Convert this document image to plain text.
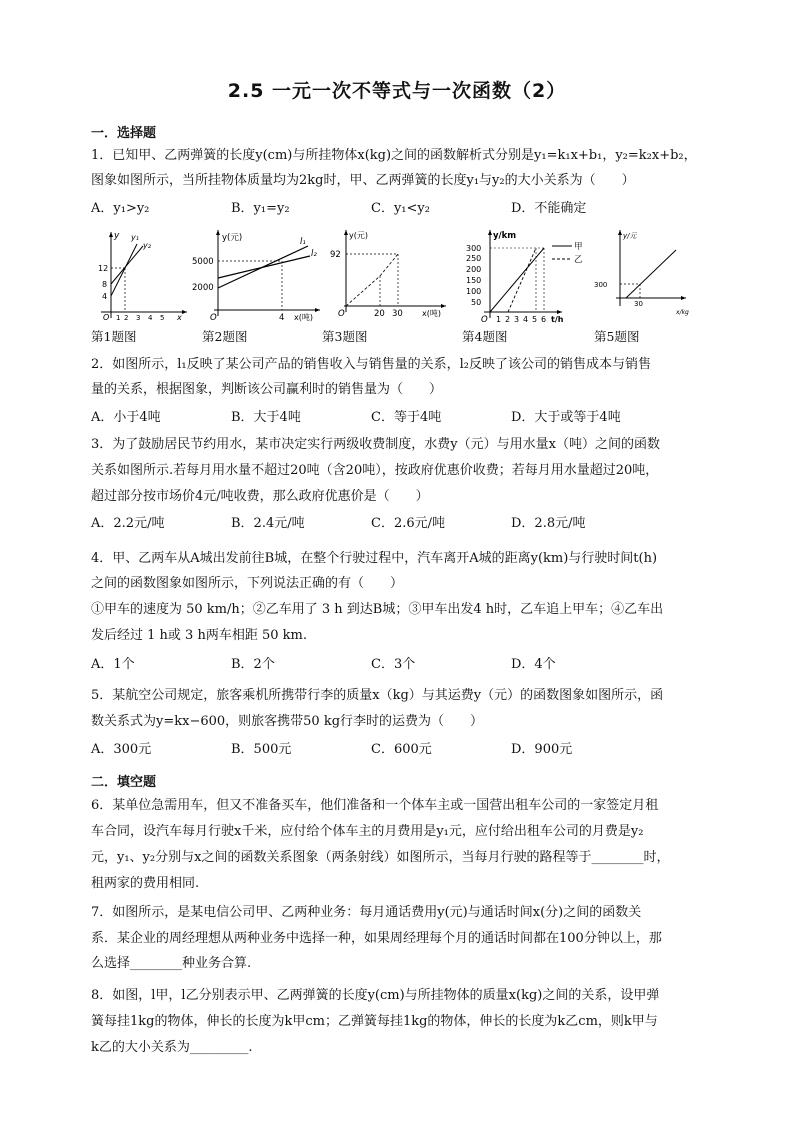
2.5 一元一次不等式与一次函数（2）
一．选择题
1．已知甲、乙两弹簧的长度y(cm)与所挂物体x(kg)之间的函数解析式分别是y₁=k₁x+b₁，y₂=k₂x+b₂，
图象如图所示，当所挂物体质量均为2kg时，甲、乙两弹簧的长度y₁与y₂的大小关系为（　　）
A．y₁>y₂	B．y₁=y₂	C．y₁<y₂	D．不能确定
y y₁
y₂
12
8
4
O 1 2 3 4 5 x
y(元)	l₁
l₂
5000
2000
O	4 x(吨)
y(元)
92
O	20 30 x(吨)
y/km
300
250
200
150
100
50
O 1 2 3 4 5 6 t/h
甲
乙
y/元
300
30
x/kg
第1题图	第2题图	第3题图	第4题图	第5题图
2．如图所示，l₁反映了某公司产品的销售收入与销售量的关系，l₂反映了该公司的销售成本与销售
量的关系，根据图象，判断该公司赢利时的销售量为（　　）
A．小于4吨	B．大于4吨	C．等于4吨	D．大于或等于4吨
3．为了鼓励居民节约用水，某市决定实行两级收费制度，水费y（元）与用水量x（吨）之间的函数
关系如图所示.若每月用水量不超过20吨（含20吨），按政府优惠价收费；若每月用水量超过20吨，
超过部分按市场价4元/吨收费，那么政府优惠价是（　　）
A．2.2元/吨	B．2.4元/吨	C．2.6元/吨	D．2.8元/吨
4．甲、乙两车从A城出发前往B城，在整个行驶过程中，汽车离开A城的距离y(km)与行驶时间t(h)
之间的函数图象如图所示，下列说法正确的有（　　）
①甲车的速度为 50 km/h；②乙车用了 3 h 到达B城；③甲车出发4 h时，乙车追上甲车；④乙车出
发后经过 1 h或 3 h两车相距 50 km.
A．1个	B．2个	C．3个	D．4个
5．某航空公司规定，旅客乘机所携带行李的质量x（kg）与其运费y（元）的函数图象如图所示，函
数关系式为y=kx−600，则旅客携带50 kg行李时的运费为（　　）
A．300元	B．500元	C．600元	D．900元
二．填空题
6．某单位急需用车，但又不准备买车，他们准备和一个体车主或一国营出租车公司的一家签定月租
车合同，设汽车每月行驶x千米，应付给个体车主的月费用是y₁元，应付给出租车公司的月费是y₂
元，y₁、y₂分别与x之间的函数关系图象（两条射线）如图所示，当每月行驶的路程等于________时，
租两家的费用相同.
7．如图所示，是某电信公司甲、乙两种业务：每月通话费用y(元)与通话时间x(分)之间的函数关
系．某企业的周经理想从两种业务中选择一种，如果周经理每个月的通话时间都在100分钟以上，那
么选择________种业务合算.
8．如图，l甲，l乙分别表示甲、乙两弹簧的长度y(cm)与所挂物体的质量x(kg)之间的关系，设甲弹
簧每挂1kg的物体，伸长的长度为k甲cm；乙弹簧每挂1kg的物体，伸长的长度为k乙cm，则k甲与
k乙的大小关系为_________.
